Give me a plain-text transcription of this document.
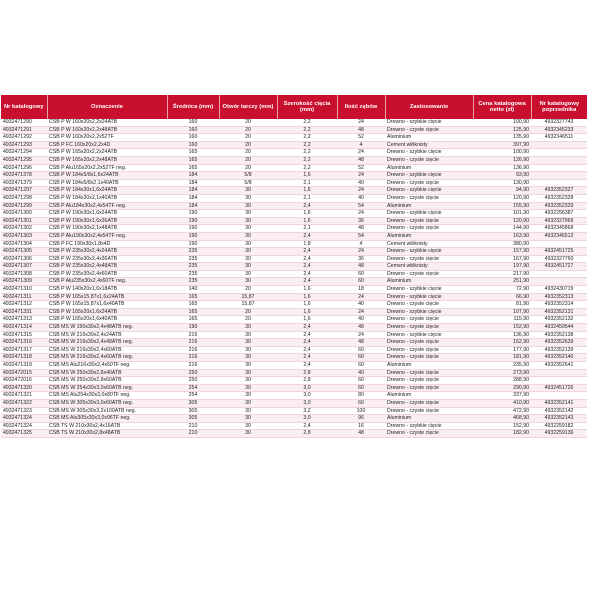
Nr katalogowy	Oznaczenie	Średnica (mm)	Otwór tarczy (mm)	Szerokość cięcia (mm)	Ilość zębów	Zastosowanie	Cena katalogowa netto (zł)	Nr katalogowy poprzednika
4932471290	CSB P W 160x20x2,2x24ATB	160	20	2,2	24	Drewno - szybkie cięcie	100,90	4932327743
4932471291	CSB P W 160x20x2,2x48ATB	160	20	2,2	48	Drewno - czyste cięcie	125,90	4932345233
4932471292	CSB P W 160x20x2,2x52TF	160	20	2,2	52	Aluminium	135,90	4932346511
4932471293	CSB P FC 160x20x2,2x4D	160	20	2,2	4	Cement włóknisty	397,90	
4932471294	CSB P W 165x20x2,2x24ATB	165	20	2,2	24	Drewno - szybkie cięcie	100,90	
4932471295	CSB P W 165x20x2,2x48ATB	165	20	2,2	48	Drewno - czyste cięcie	126,90	
4932471296	CSB P Alu165x20x2,2x52TF neg.	165	20	2,2	52	Aluminium	136,90	
4932471378	CSB P W 184x5/8x1,6x24ATB	184	5/8	1,6	24	Drewno - szybkie cięcie	93,90	
4932471379	CSB P W 184x5/8x2,1x40ATB	184	5/8	2,1	40	Drewno - czyste cięcie	130,90	
4932471297	CSB P W 184x30x1,6x24ATB	184	30	1,6	24	Drewno - szybkie cięcie	94,90	4932352327
4932471298	CSB P W 184x30x2,1x40ATB	184	30	2,1	40	Drewno - czyste cięcie	120,90	4932352328
4932471299	CSB P Alu184x30x2,4x54TF neg.	184	30	2,4	54	Aluminium	155,90	4932352329
4932471300	CSB P W 190x30x1,6x24ATB	190	30	1,6	24	Drewno - szybkie cięcie	101,90	4932256387
4932471301	CSB P W 190x30x1,6x36ATB	190	30	1,6	36	Drewno - czyste cięcie	120,90	4932327969
4932471302	CSB P W 190x30x2,1x48ATB	190	30	2,1	48	Drewno - czyste cięcie	144,90	4932345868
4932471303	CSB P Alu190x30x2,4x54TF neg.	190	30	2,4	54	Aluminium	163,90	4932346512
4932471304	CSB P FC 190x30x1,8x4D	190	30	1,8	4	Cement włóknisty	380,90	
4932471305	CSB P W 235x30x2,4x24ATB	235	30	2,4	24	Drewno - szybkie cięcie	157,90	4932451725
4932471306	CSB P W 235x30x2,4x36ATB	235	30	2,4	36	Drewno - czyste cięcie	167,90	4932327760
4932471307	CSB P W 235x30x2,4x48ATB	235	30	2,4	48	Cement włóknisty	197,90	4932451727
4932471308	CSB P W 235x30x2,4x60ATB	235	30	2,4	60	Drewno - czyste cięcie	217,90	
4932471309	CSB P Alu235x30x2,4x60TF neg.	235	30	2,4	60	Aluminium	251,90	
4932471310	CSB P W 140x20x1,6x18ATB	140	20	1,6	18	Drewno - szybkie cięcie	72,90	4932430719
4932471311	CSB P W 165x15,87x1,6x24ATB	165	15,87	1,6	24	Drewno - szybkie cięcie	66,90	4932352313
4932471312	CSB P W 165x15,87x1,6x40ATB	165	15,87	1,6	40	Drewno - czyste cięcie	81,90	4932352314
4932471331	CSB P W 165x20x1,6x24ATB	165	20	1,6	24	Drewno - szybkie cięcie	107,90	4932352131
4932471313	CSB P W 165x20x1,6x40ATB	165	20	1,6	40	Drewno - czyste cięcie	115,90	4932352132
4932471314	CSB MS W 190x30x2,4x48ATB neg.	190	30	2,4	48	Drewno - czyste cięcie	152,90	4932459544
4932471315	CSB MS W 216x30x2,4x24ATB	216	30	2,4	24	Drewno - szybkie cięcie	136,90	4932352138
4932471316	CSB MS W 216x30x2,4x48ATB neg.	216	30	2,4	48	Drewno - czyste cięcie	152,90	4932352639
4932471317	CSB MS W 216x30x2,4x60ATB	216	30	2,4	60	Drewno - czyste cięcie	177,90	4932352139
4932471318	CSB MS W 216x30x2,4x60ATB neg.	216	30	2,4	60	Drewno - czyste cięcie	181,90	4932352140
4932471319	CSB MS Alu216x30x2,4x60TF neg.	216	30	2,4	60	Aluminium	235,90	4932352641
4932472015	CSB MS W 250x30x2,8x40ATB	250	30	2,8	40	Drewno - czyste cięcie	273,90	
4932472016	CSB MS W 250x30x2,8x60ATB	250	30	2,8	60	Drewno - czyste cięcie	288,90	
4932471320	CSB MS W 254x30x3,0x60ATB neg.	254	30	3,0	60	Drewno - czyste cięcie	290,90	4932451726
4932471321	CSB MS Alu254x30x3,0x80TF neg.	254	30	3,0	80	Aluminium	337,90	
4932471322	CSB MS W 305x30x3,0x60ATB neg.	305	30	3,0	60	Drewno - czyste cięcie	410,90	4932352141
4932471323	CSB MS W 305x30x3,2x100ATB neg.	305	30	3,2	100	Drewno - czyste cięcie	472,90	4932352142
4932471324	CSB MS Alu305x30x3,0x96TF neg.	305	30	3,0	96	Aluminium	468,90	4932352143
4932471324	CSB TS W 210x30x2,4x16ATB	210	30	2,4	16	Drewno - szybkie cięcie	152,90	4932259182
4932471325	CSB TS W 210x30x2,8x48ATB	210	30	2,8	48	Drewno - czyste cięcie	182,90	4932259136
